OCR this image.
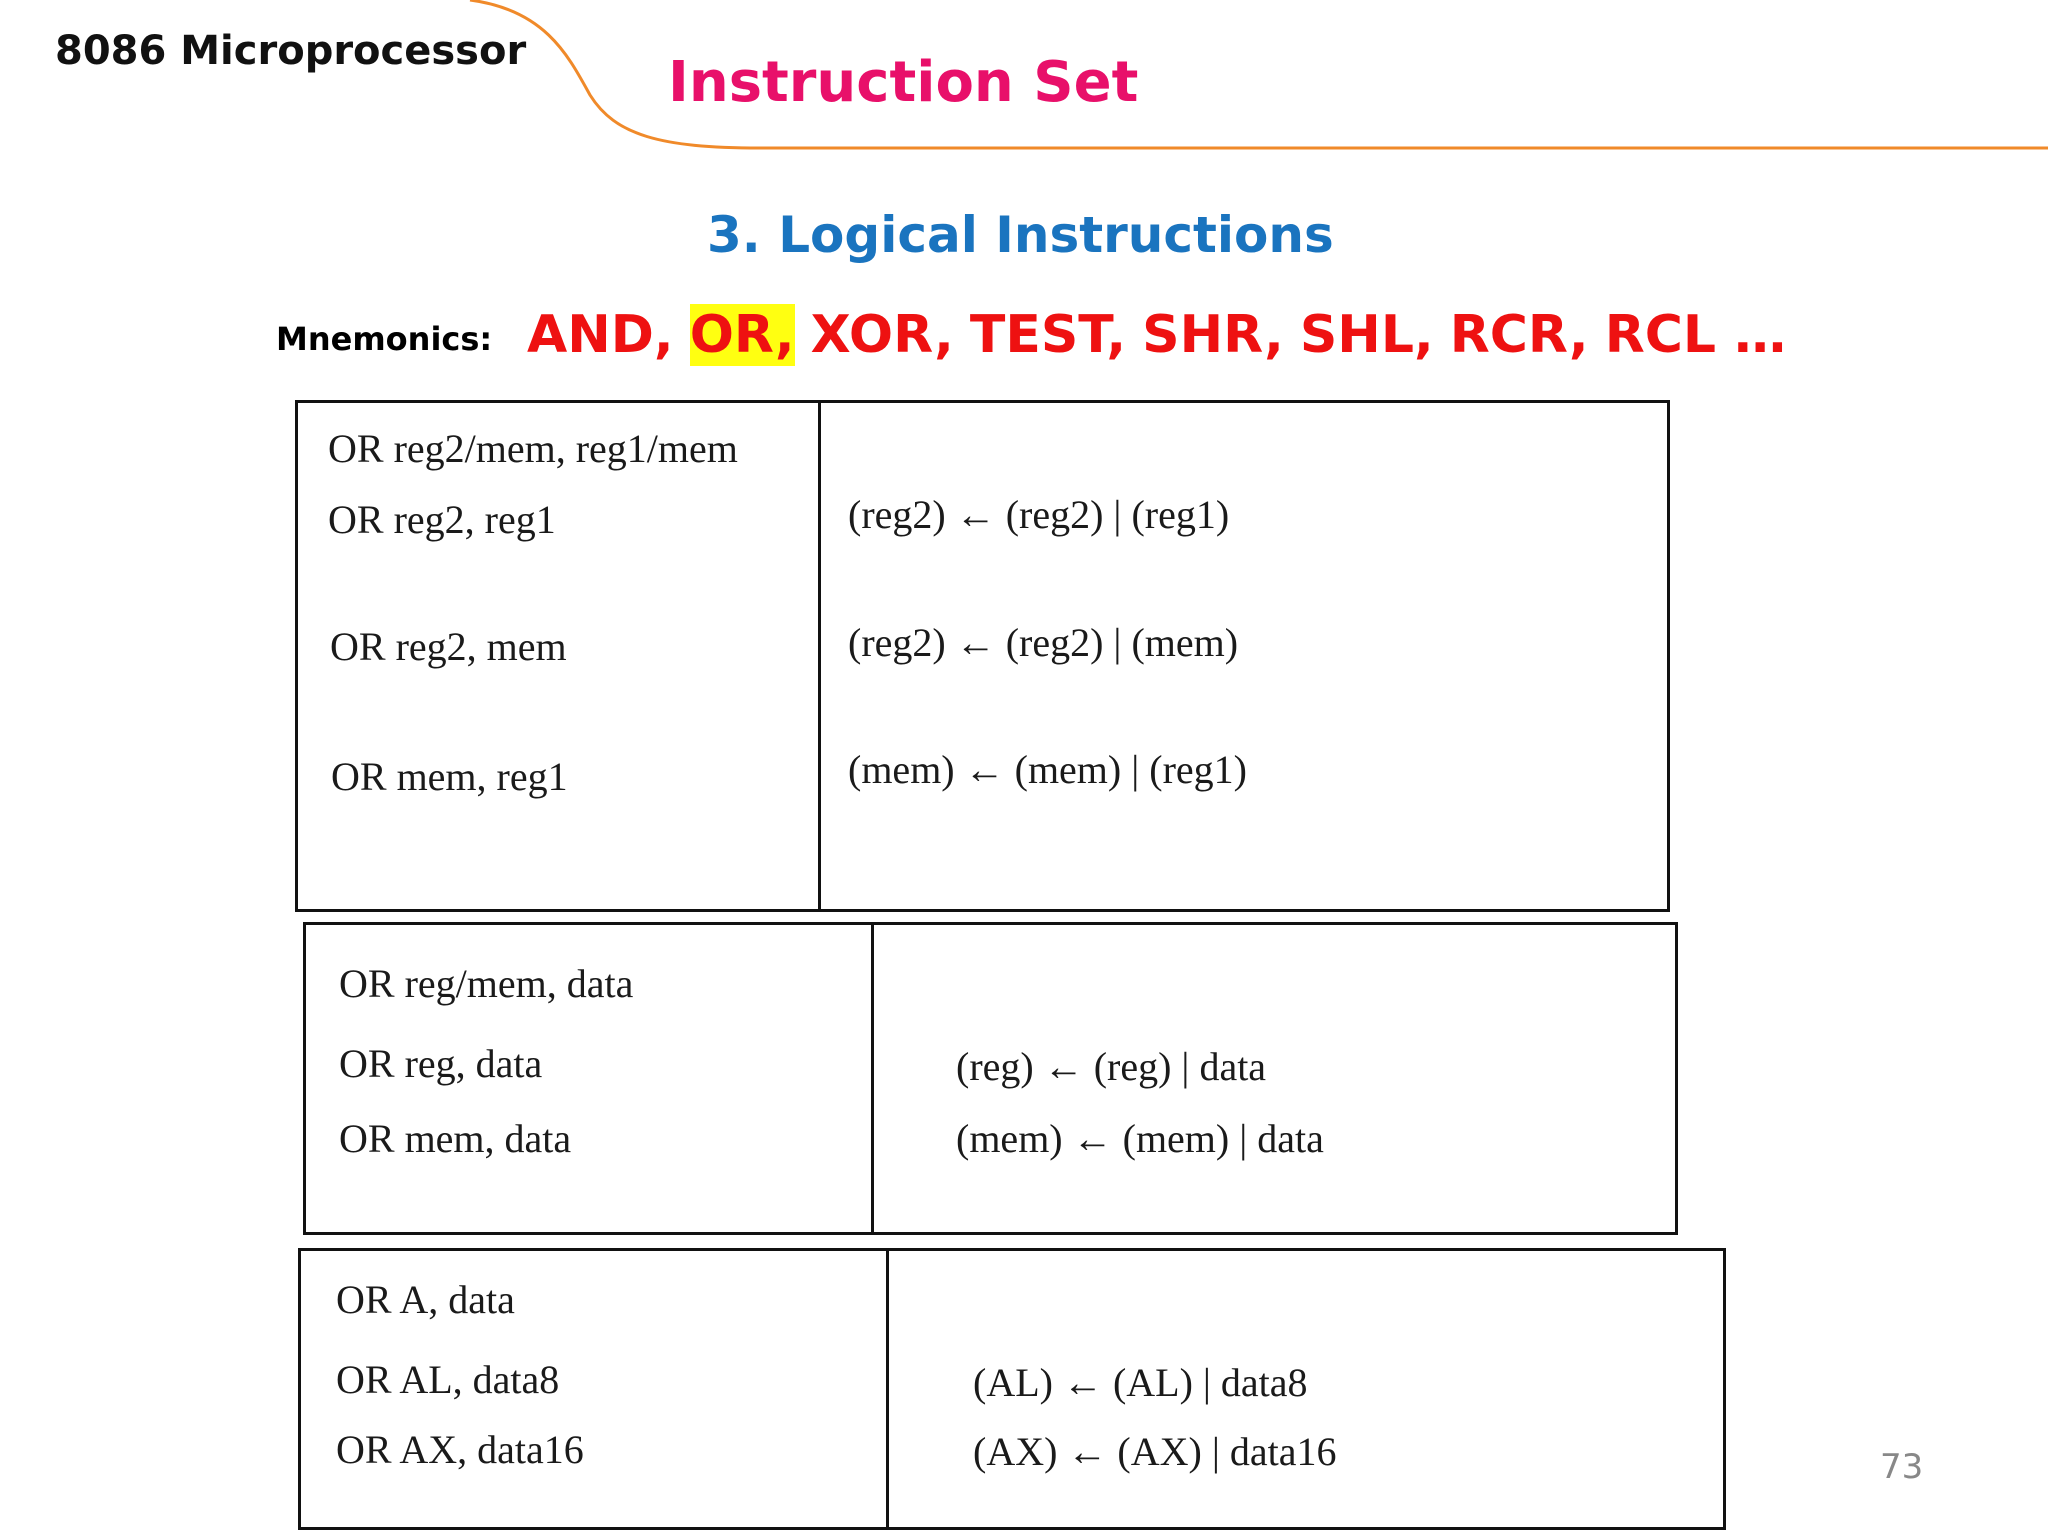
8086 Microprocessor	Instruction Set
3. Logical Instructions
Mnemonics: AND, OR, XOR, TEST, SHR, SHL, RCR, RCL …
OR reg2/mem, reg1/mem
OR reg2, reg1
OR reg2, mem
OR mem, reg1
(reg2) ← (reg2) | (reg1)
(reg2) ← (reg2) | (mem)
(mem) ← (mem) | (reg1)
OR reg/mem, data
OR reg, data
OR mem, data
(reg) ← (reg) | data
(mem) ← (mem) | data
OR A, data
OR AL, data8
OR AX, data16
(AL) ← (AL) | data8
(AX) ← (AX) | data16	73
